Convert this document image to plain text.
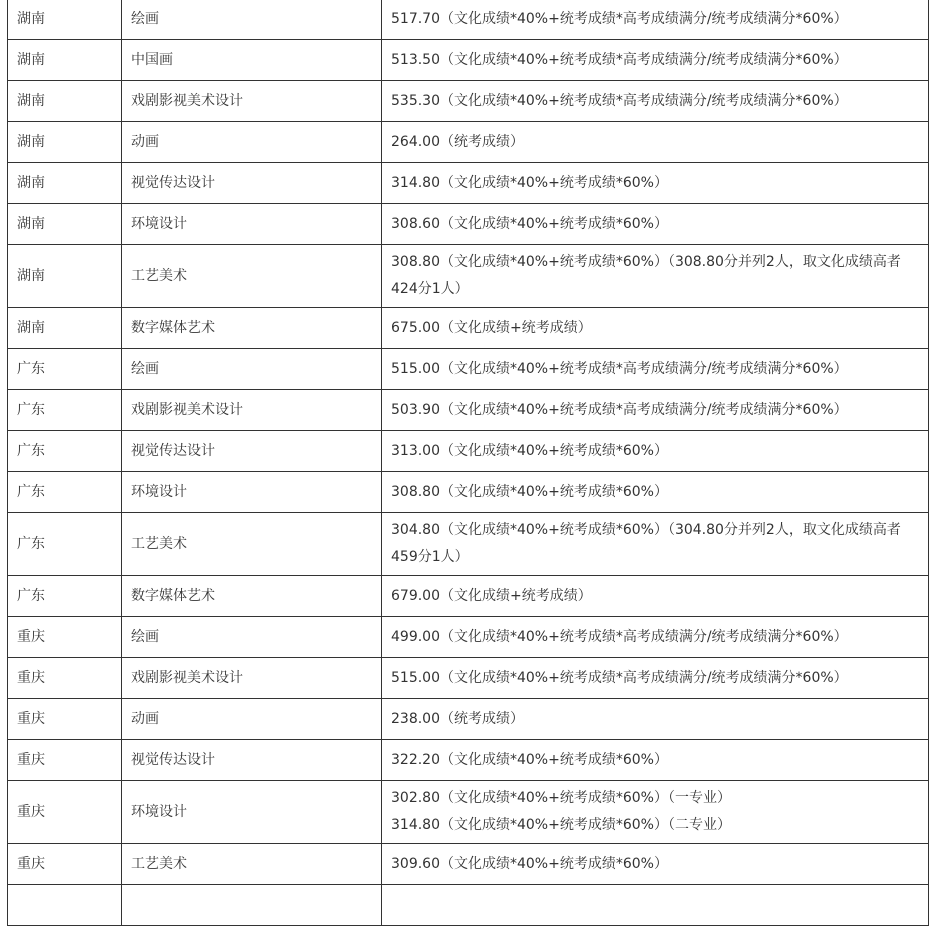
湖南	绘画	517.70（文化成绩*40%+统考成绩*高考成绩满分/统考成绩满分*60%）

湖南	中国画	513.50（文化成绩*40%+统考成绩*高考成绩满分/统考成绩满分*60%）

湖南	戏剧影视美术设计	535.30（文化成绩*40%+统考成绩*高考成绩满分/统考成绩满分*60%）

湖南	动画	264.00（统考成绩）

湖南	视觉传达设计	314.80（文化成绩*40%+统考成绩*60%）

湖南	环境设计	308.60（文化成绩*40%+统考成绩*60%）

湖南	工艺美术	308.80（文化成绩*40%+统考成绩*60%）（308.80分并列2人，取文化成绩高者424分1人）

湖南	数字媒体艺术	675.00（文化成绩+统考成绩）

广东	绘画	515.00（文化成绩*40%+统考成绩*高考成绩满分/统考成绩满分*60%）

广东	戏剧影视美术设计	503.90（文化成绩*40%+统考成绩*高考成绩满分/统考成绩满分*60%）

广东	视觉传达设计	313.00（文化成绩*40%+统考成绩*60%）

广东	环境设计	308.80（文化成绩*40%+统考成绩*60%）

广东	工艺美术	304.80（文化成绩*40%+统考成绩*60%）（304.80分并列2人，取文化成绩高者459分1人）

广东	数字媒体艺术	679.00（文化成绩+统考成绩）

重庆	绘画	499.00（文化成绩*40%+统考成绩*高考成绩满分/统考成绩满分*60%）

重庆	戏剧影视美术设计	515.00（文化成绩*40%+统考成绩*高考成绩满分/统考成绩满分*60%）

重庆	动画	238.00（统考成绩）

重庆	视觉传达设计	322.20（文化成绩*40%+统考成绩*60%）

重庆	环境设计	302.80（文化成绩*40%+统考成绩*60%）（一专业）
314.80（文化成绩*40%+统考成绩*60%）（二专业）

重庆	工艺美术	309.60（文化成绩*40%+统考成绩*60%）
